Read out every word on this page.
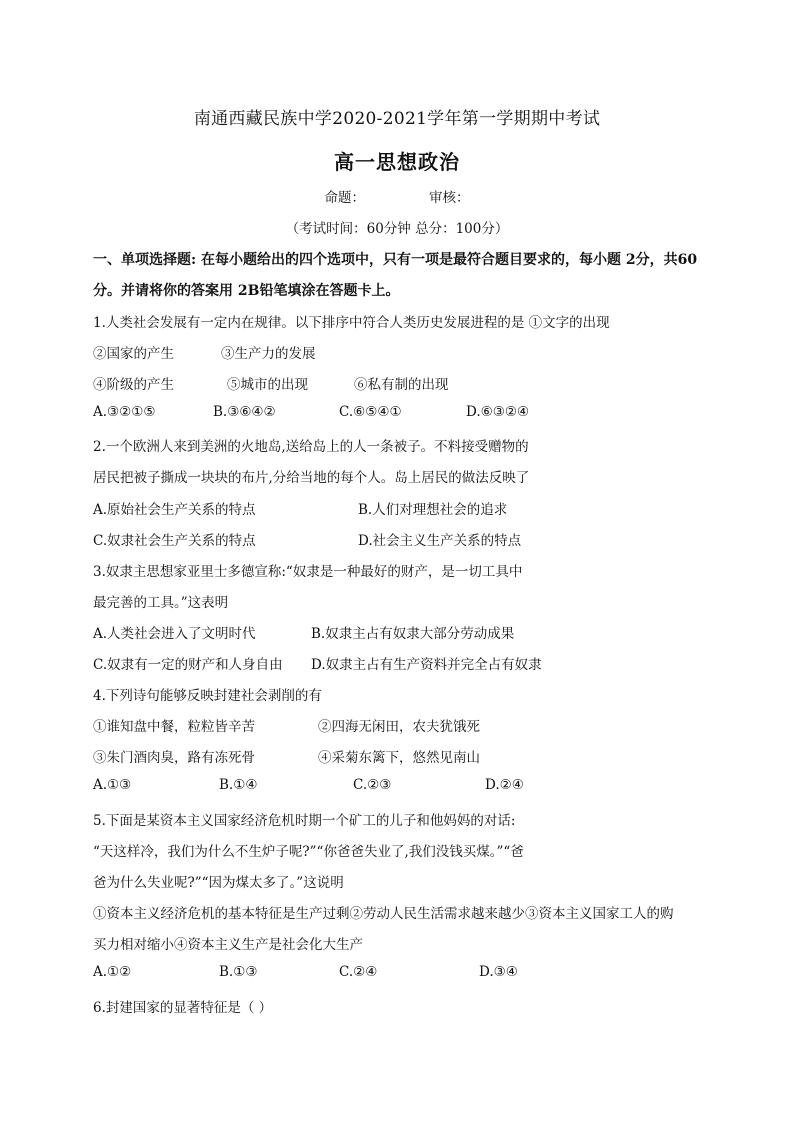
南通西藏民族中学2020-2021学年第一学期期中考试
高一思想政治
命题：	审核：
（考试时间：60分钟 总分：100分）
一、单项选择题: 在每小题给出的四个选项中，只有一项是最符合题目要求的，每小题 2分，共60
分。并请将你的答案用 2B铅笔填涂在答题卡上。
1.人类社会发展有一定内在规律。以下排序中符合人类历史发展进程的是 ①文字的出现
②国家的产生	③生产力的发展
④阶级的产生	⑤城市的出现	⑥私有制的出现
A.③②①⑤	B.③⑥④②	C.⑥⑤④①	D.⑥③②④
2.一个欧洲人来到美洲的火地岛,送给岛上的人一条被子。不料接受赠物的
居民把被子撕成一块块的布片,分给当地的每个人。岛上居民的做法反映了
A.原始社会生产关系的特点	B.人们对理想社会的追求
C.奴隶社会生产关系的特点	D.社会主义生产关系的特点
3.奴隶主思想家亚里士多德宣称:“奴隶是一种最好的财产，是一切工具中
最完善的工具。”这表明
A.人类社会进入了文明时代	B.奴隶主占有奴隶大部分劳动成果
C.奴隶有一定的财产和人身自由 D.奴隶主占有生产资料并完全占有奴隶
4.下列诗句能够反映封建社会剥削的有
①谁知盘中餐，粒粒皆辛苦	②四海无闲田，农夫犹饿死
③朱门酒肉臭，路有冻死骨	④采菊东篱下，悠然见南山
A.①③	B.①④	C.②③	D.②④
5.下面是某资本主义国家经济危机时期一个矿工的儿子和他妈妈的对话:
“天这样冷，我们为什么不生炉子呢?”“你爸爸失业了,我们没钱买煤。”“爸
爸为什么失业呢?”“因为煤太多了。”这说明
①资本主义经济危机的基本特征是生产过剩②劳动人民生活需求越来越少③资本主义国家工人的购
买力相对缩小④资本主义生产是社会化大生产
A.①②	B.①③	C.②④	D.③④
6.封建国家的显著特征是（ ）
